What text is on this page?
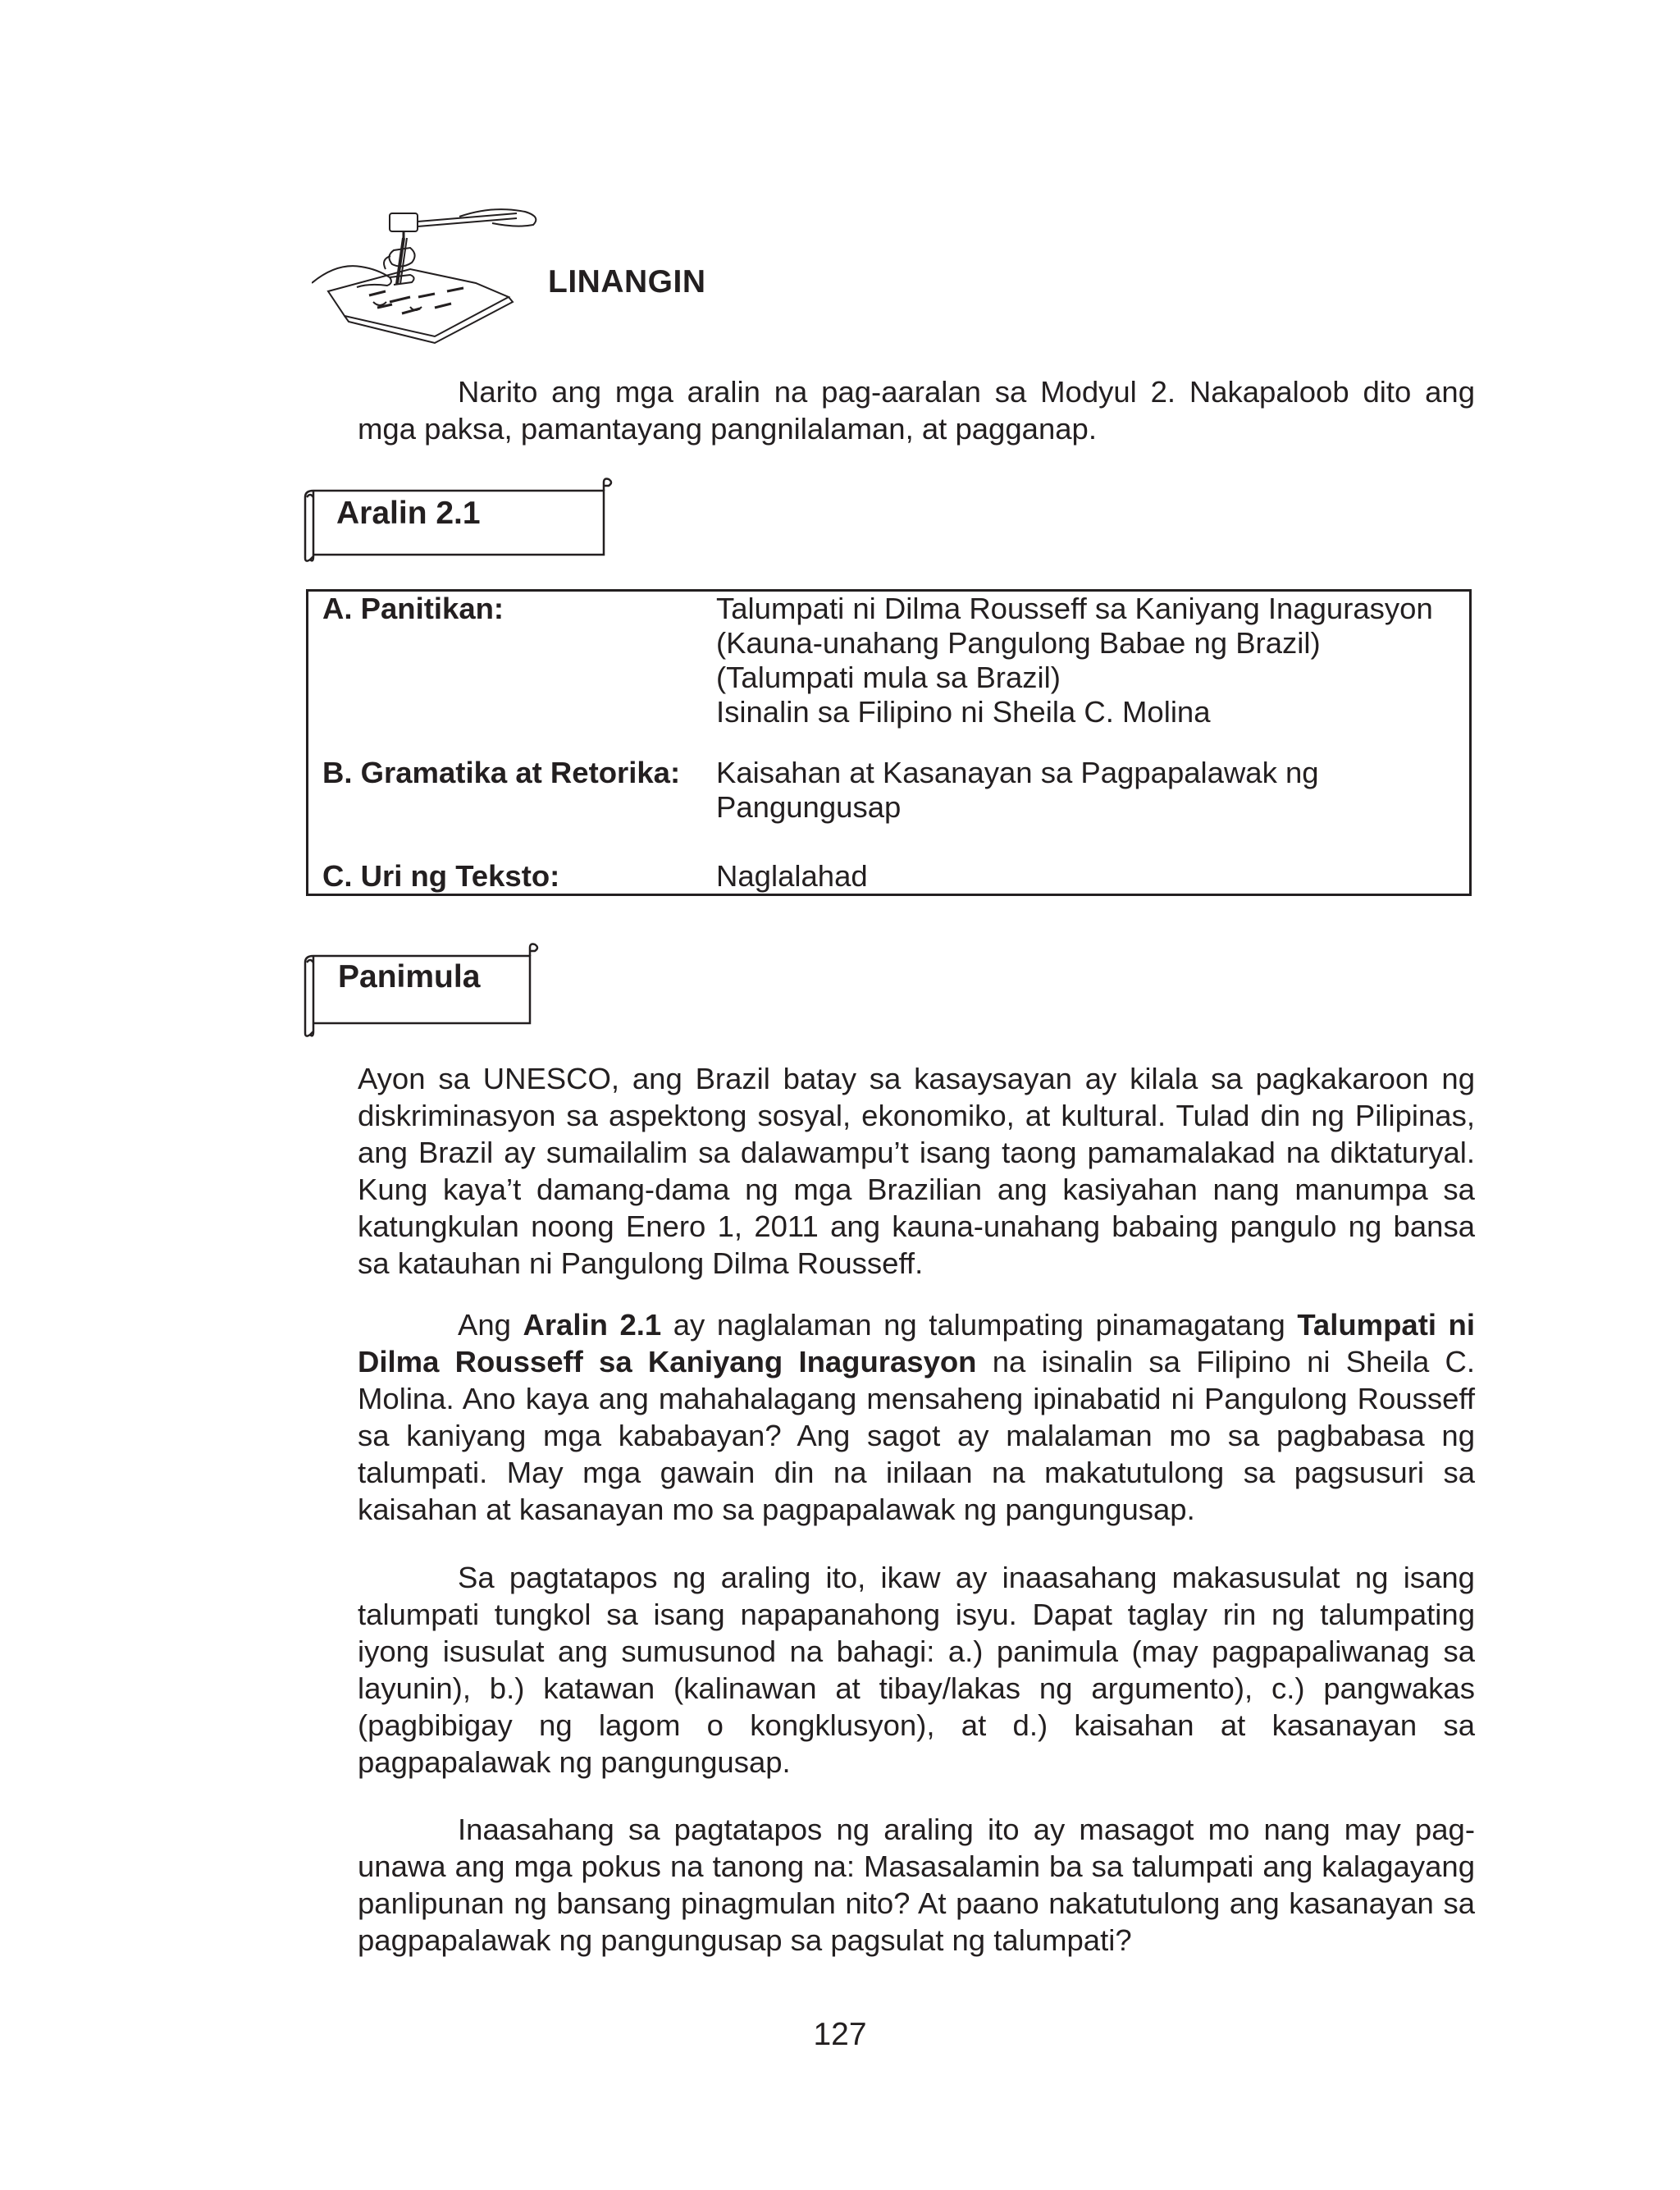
LINANGIN

Narito ang mga aralin na pag-aaralan sa Modyul 2. Nakapaloob dito ang mga paksa, pamantayang pangnilalaman, at pagganap.

Aralin 2.1
A. Panitikan:	Talumpati ni Dilma Rousseff sa Kaniyang Inagurasyon
(Kauna-unahang Pangulong Babae ng Brazil)
(Talumpati mula sa Brazil)
Isinalin sa Filipino ni Sheila C. Molina
B. Gramatika at Retorika: Kaisahan at Kasanayan sa Pagpapalawak ng
Pangungusap
C. Uri ng Teksto:	Naglalahad
Panimula

Ayon sa UNESCO, ang Brazil batay sa kasaysayan ay kilala sa pagkakaroon ng diskriminasyon sa aspektong sosyal, ekonomiko, at kultural. Tulad din ng Pilipinas, ang Brazil ay sumailalim sa dalawampu’t isang taong pamamalakad na diktaturyal. Kung kaya’t damang-dama ng mga Brazilian ang kasiyahan nang manumpa sa katungkulan noong Enero 1, 2011 ang kauna-unahang babaing pangulo ng bansa sa katauhan ni Pangulong Dilma Rousseff.

Ang Aralin 2.1 ay naglalaman ng talumpating pinamagatang Talumpati ni Dilma Rousseff sa Kaniyang Inagurasyon na isinalin sa Filipino ni Sheila C. Molina. Ano kaya ang mahahalagang mensaheng ipinabatid ni Pangulong Rousseff sa kaniyang mga kababayan? Ang sagot ay malalaman mo sa pagbabasa ng talumpati. May mga gawain din na inilaan na makatutulong sa pagsusuri sa kaisahan at kasanayan mo sa pagpapalawak ng pangungusap.

Sa pagtatapos ng araling ito, ikaw ay inaasahang makasusulat ng isang talumpati tungkol sa isang napapanahong isyu. Dapat taglay rin ng talumpating iyong isusulat ang sumusunod na bahagi: a.) panimula (may pagpapaliwanag sa layunin), b.) katawan (kalinawan at tibay/lakas ng argumento), c.) pangwakas (pagbibigay ng lagom o kongklusyon), at d.) kaisahan at kasanayan sa pagpapalawak ng pangungusap.

Inaasahang sa pagtatapos ng araling ito ay masagot mo nang may pag-unawa ang mga pokus na tanong na: Masasalamin ba sa talumpati ang kalagayang panlipunan ng bansang pinagmulan nito? At paano nakatutulong ang kasanayan sa pagpapalawak ng pangungusap sa pagsulat ng talumpati?

127
